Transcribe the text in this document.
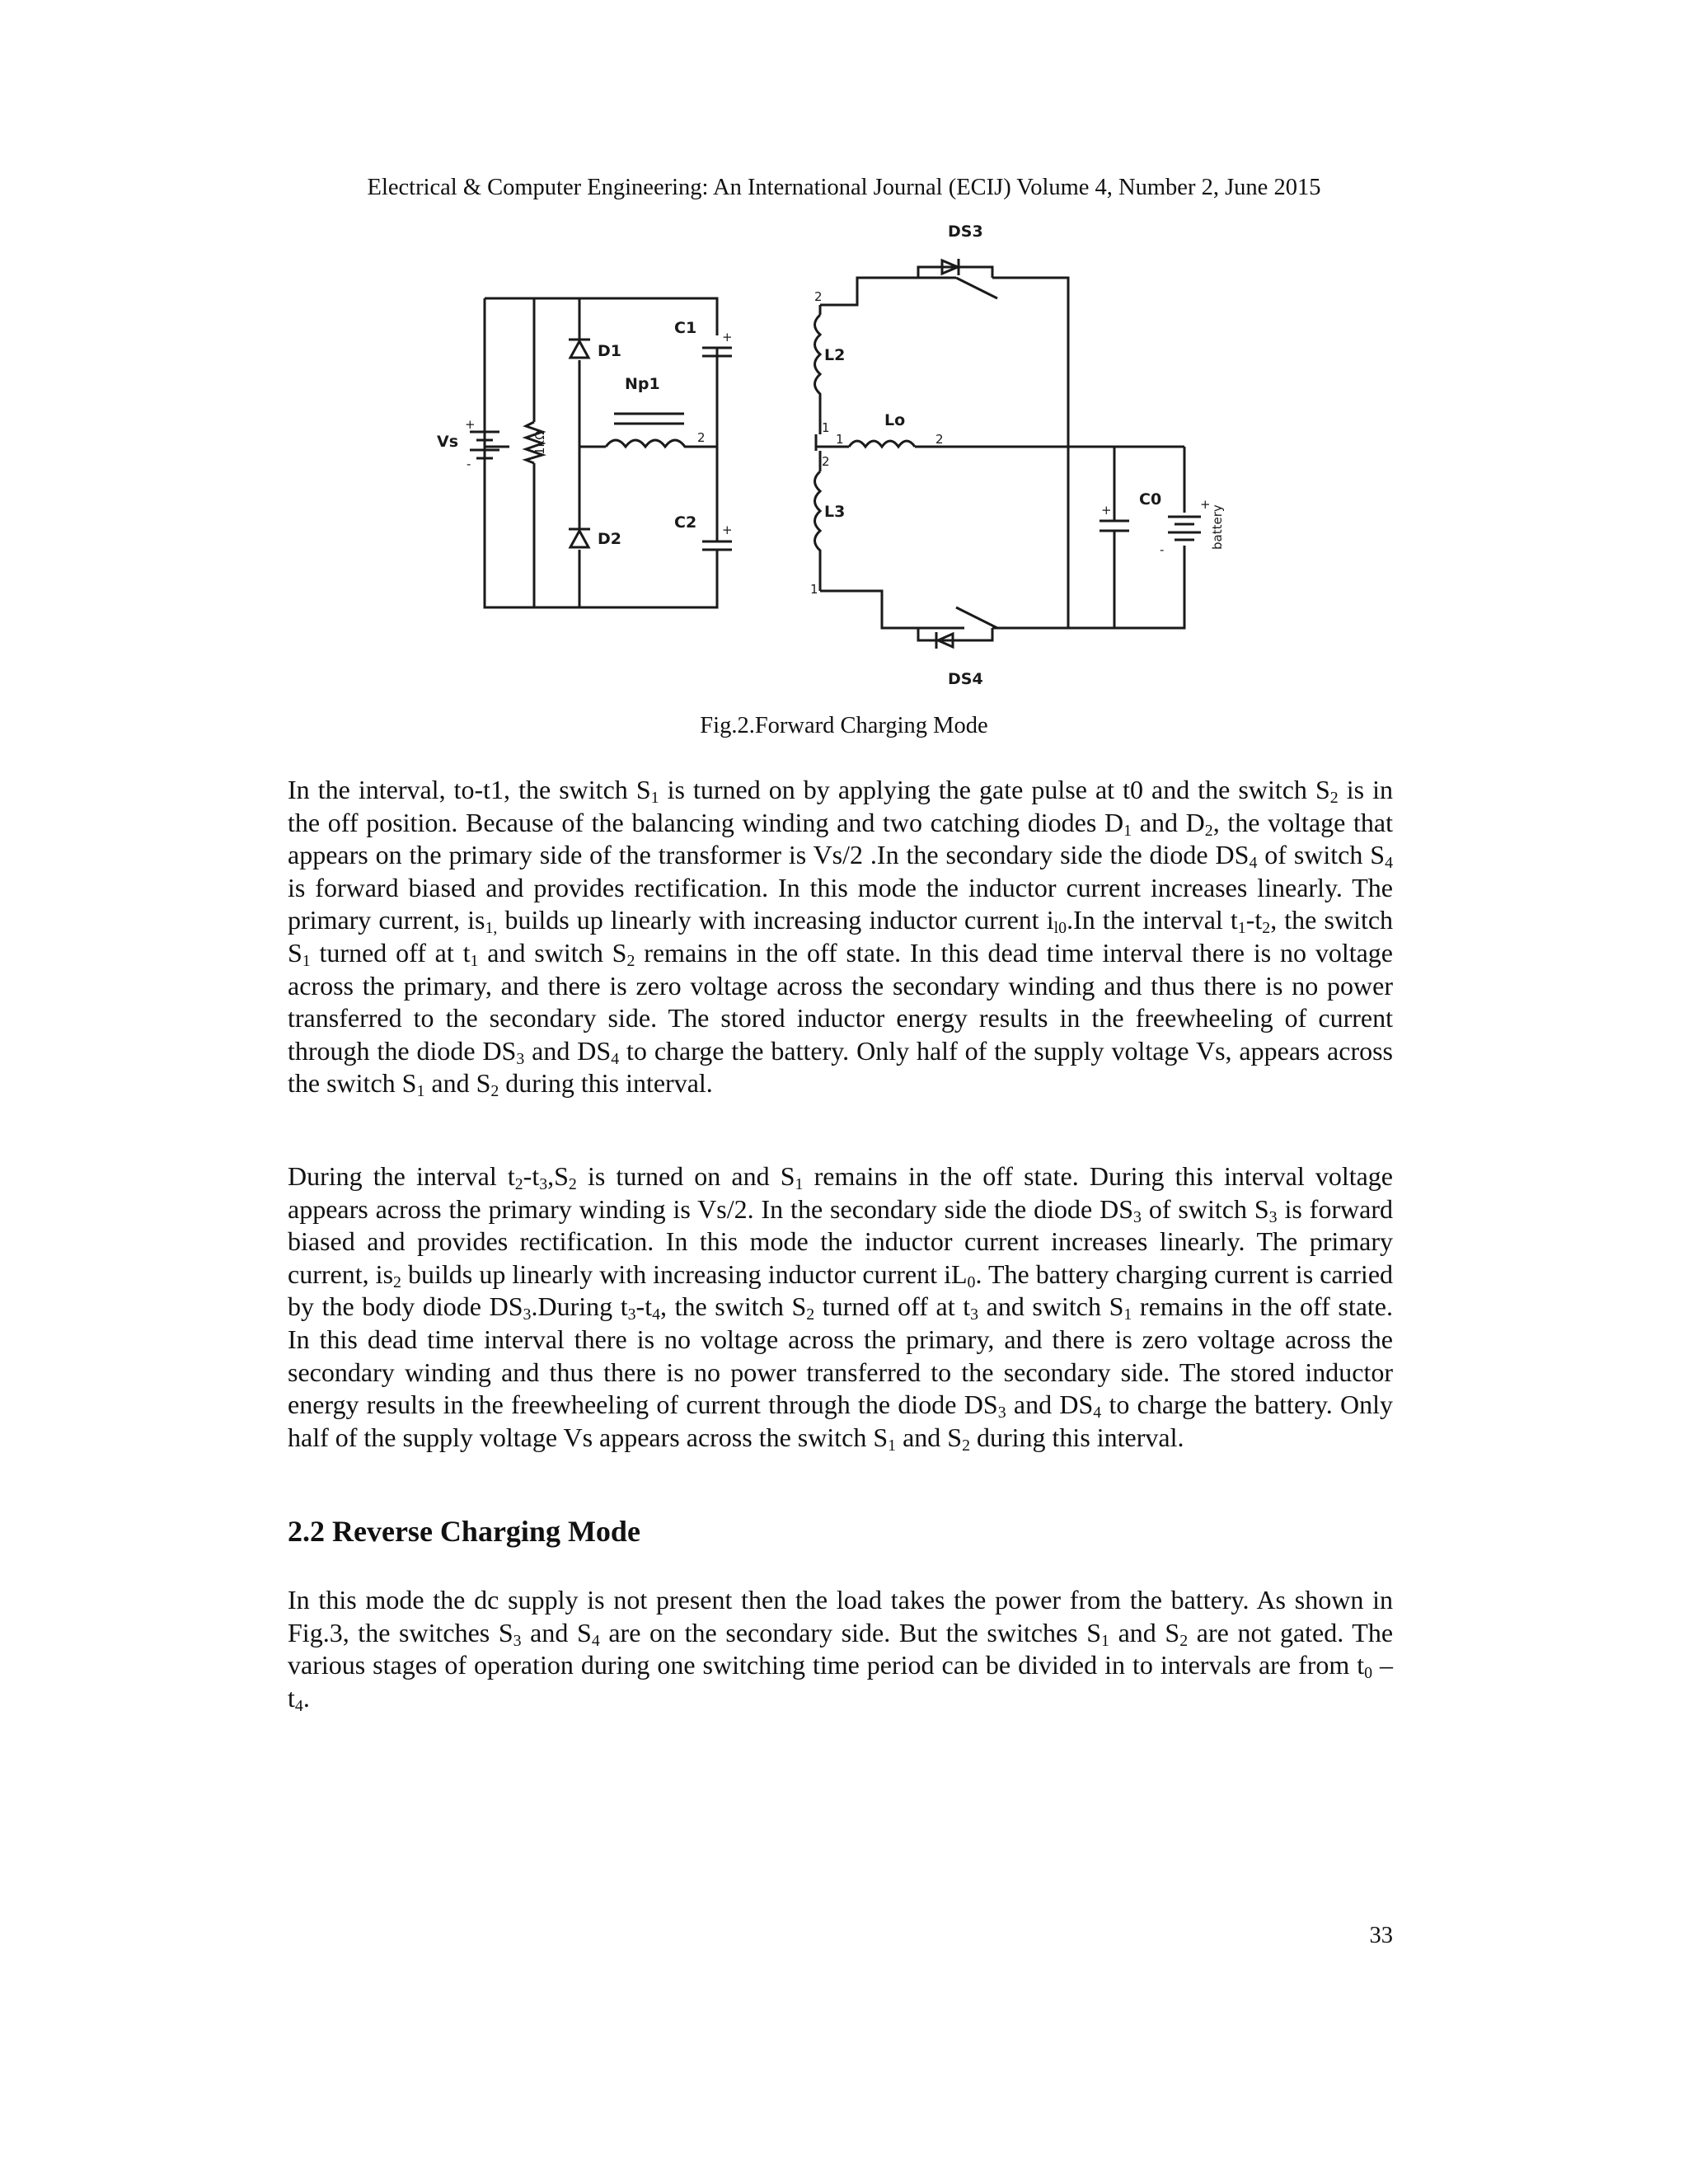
Electrical & Computer Engineering: An International Journal (ECIJ) Volume 4, Number 2, June 2015
Vs
+
-
1kΩ
D1
D2
C1 +
C2 +
Np1
2
L2
2
1
DS3
1
Lo
2
L3
2
1
DS4
+
C0	+
-	battery
Fig.2.Forward Charging Mode

In the interval, to-t1, the switch $S_1$ is turned on by applying the gate pulse at t0 and the switch $S_2$ is in the off position. Because of the balancing winding and two catching diodes $D_1$ and $D_2$, the voltage that appears on the primary side of the transformer is Vs/2 .In the secondary side the diode $DS_4$ of switch $S_4$ is forward biased and provides rectification. In this mode the inductor current increases linearly. The primary current, $is_{1,}$ builds up linearly with increasing inductor current $i_{l0}.In$ the interval $t_1-t_2$, the switch $S_1$ turned off at $t_1$ and switch $S_2$ remains in the off state. In this dead time interval there is no voltage across the primary, and there is zero voltage across the secondary winding and thus there is no power transferred to the secondary side. The stored inductor energy results in the freewheeling of current through the diode $DS_3$ and $DS_4$ to charge the battery. Only half of the supply voltage Vs, appears across the switch $S_1$ and $S_2$ during this interval.

During the interval $t_2-t_3,S_2$ is turned on and $S_1$ remains in the off state. During this interval voltage appears across the primary winding is Vs/2. In the secondary side the diode $DS_3$ of switch $S_3$ is forward biased and provides rectification. In this mode the inductor current increases linearly. The primary current, $is_2$ builds up linearly with increasing inductor current $iL_0$. The battery charging current is carried by the body diode $DS_3.During$ $t_3-t_4$, the switch $S_2$ turned off at $t_3$ and switch $S_1$ remains in the off state. In this dead time interval there is no voltage across the primary, and there is zero voltage across the secondary winding and thus there is no power transferred to the secondary side. The stored inductor energy results in the freewheeling of current through the diode $DS_3$ and $DS_4$ to charge the battery. Only half of the supply voltage Vs appears across the switch $S_1$ and $S_2$ during this interval.

2.2 Reverse Charging Mode

In this mode the dc supply is not present then the load takes the power from the battery. As shown in Fig.3, the switches $S_3$ and $S_4$ are on the secondary side. But the switches $S_1$ and $S_2$ are not gated. The various stages of operation during one switching time period can be divided in to intervals are from $t_0 - t_4$.

33
